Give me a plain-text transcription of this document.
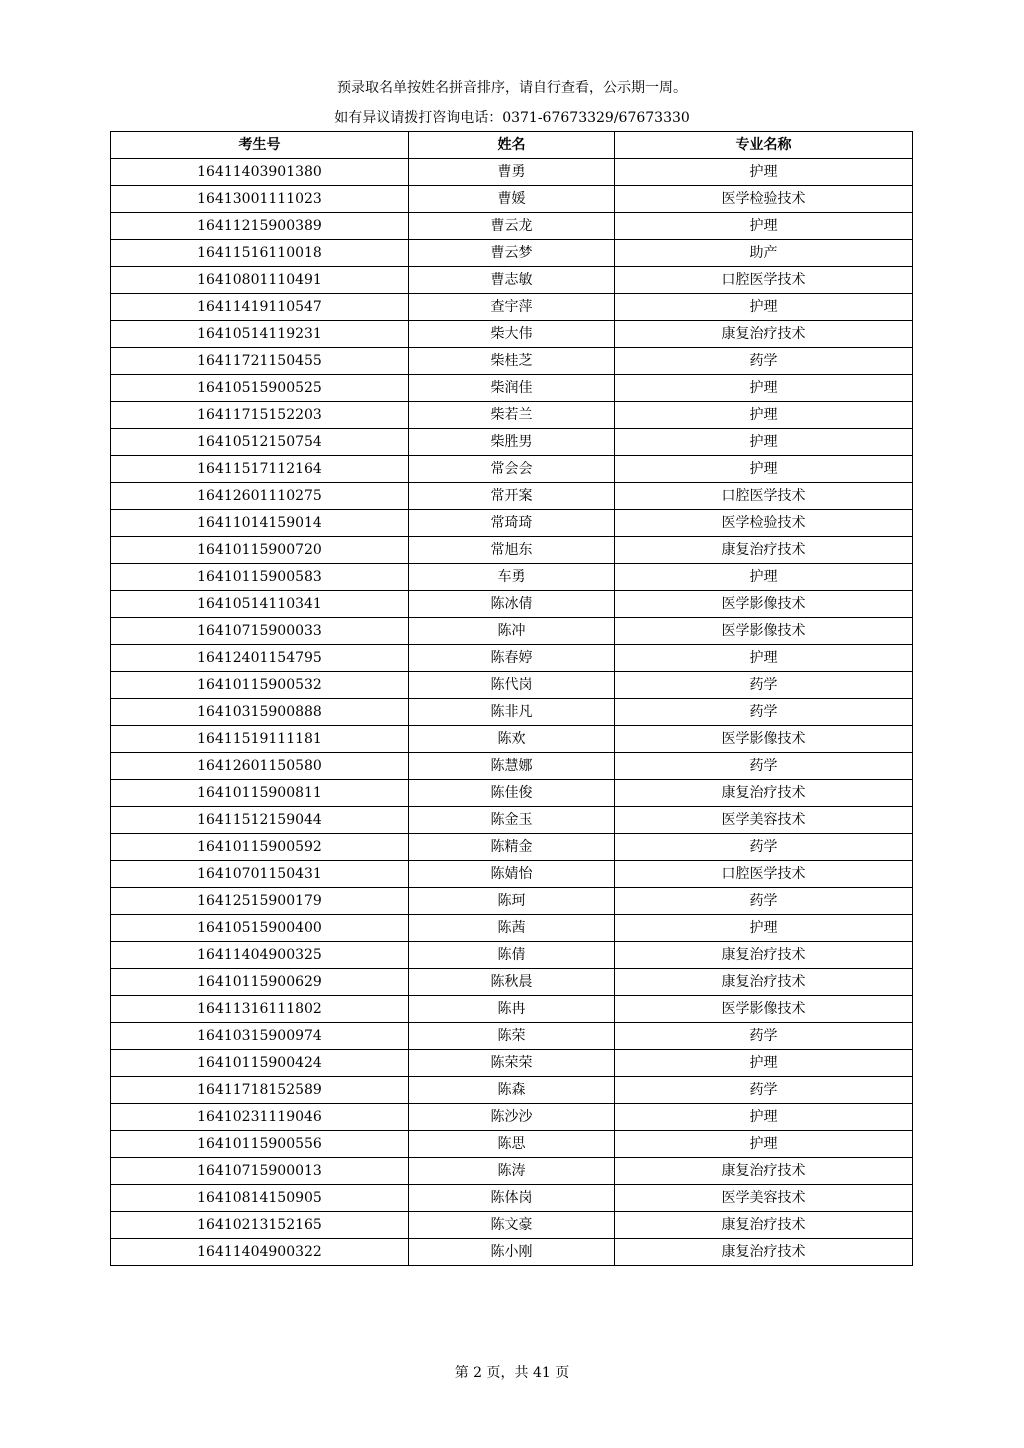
预录取名单按姓名拼音排序，请自行查看，公示期一周。
如有异议请拨打咨询电话：0371-67673329/67673330
考生号	姓名	专业名称
16411403901380	曹勇	护理
16413001111023	曹媛	医学检验技术
16411215900389	曹云龙	护理
16411516110018	曹云梦	助产
16410801110491	曹志敏	口腔医学技术
16411419110547	查宇萍	护理
16410514119231	柴大伟	康复治疗技术
16411721150455	柴桂芝	药学
16410515900525	柴润佳	护理
16411715152203	柴若兰	护理
16410512150754	柴胜男	护理
16411517112164	常会会	护理
16412601110275	常开案	口腔医学技术
16411014159014	常琦琦	医学检验技术
16410115900720	常旭东	康复治疗技术
16410115900583	车勇	护理
16410514110341	陈冰倩	医学影像技术
16410715900033	陈冲	医学影像技术
16412401154795	陈春婷	护理
16410115900532	陈代岗	药学
16410315900888	陈非凡	药学
16411519111181	陈欢	医学影像技术
16412601150580	陈慧娜	药学
16410115900811	陈佳俊	康复治疗技术
16411512159044	陈金玉	医学美容技术
16410115900592	陈精金	药学
16410701150431	陈婧怡	口腔医学技术
16412515900179	陈珂	药学
16410515900400	陈茜	护理
16411404900325	陈倩	康复治疗技术
16410115900629	陈秋晨	康复治疗技术
16411316111802	陈冉	医学影像技术
16410315900974	陈荣	药学
16410115900424	陈荣荣	护理
16411718152589	陈森	药学
16410231119046	陈沙沙	护理
16410115900556	陈思	护理
16410715900013	陈涛	康复治疗技术
16410814150905	陈体岗	医学美容技术
16410213152165	陈文豪	康复治疗技术
16411404900322	陈小刚	康复治疗技术
第 2 页，共 41 页
